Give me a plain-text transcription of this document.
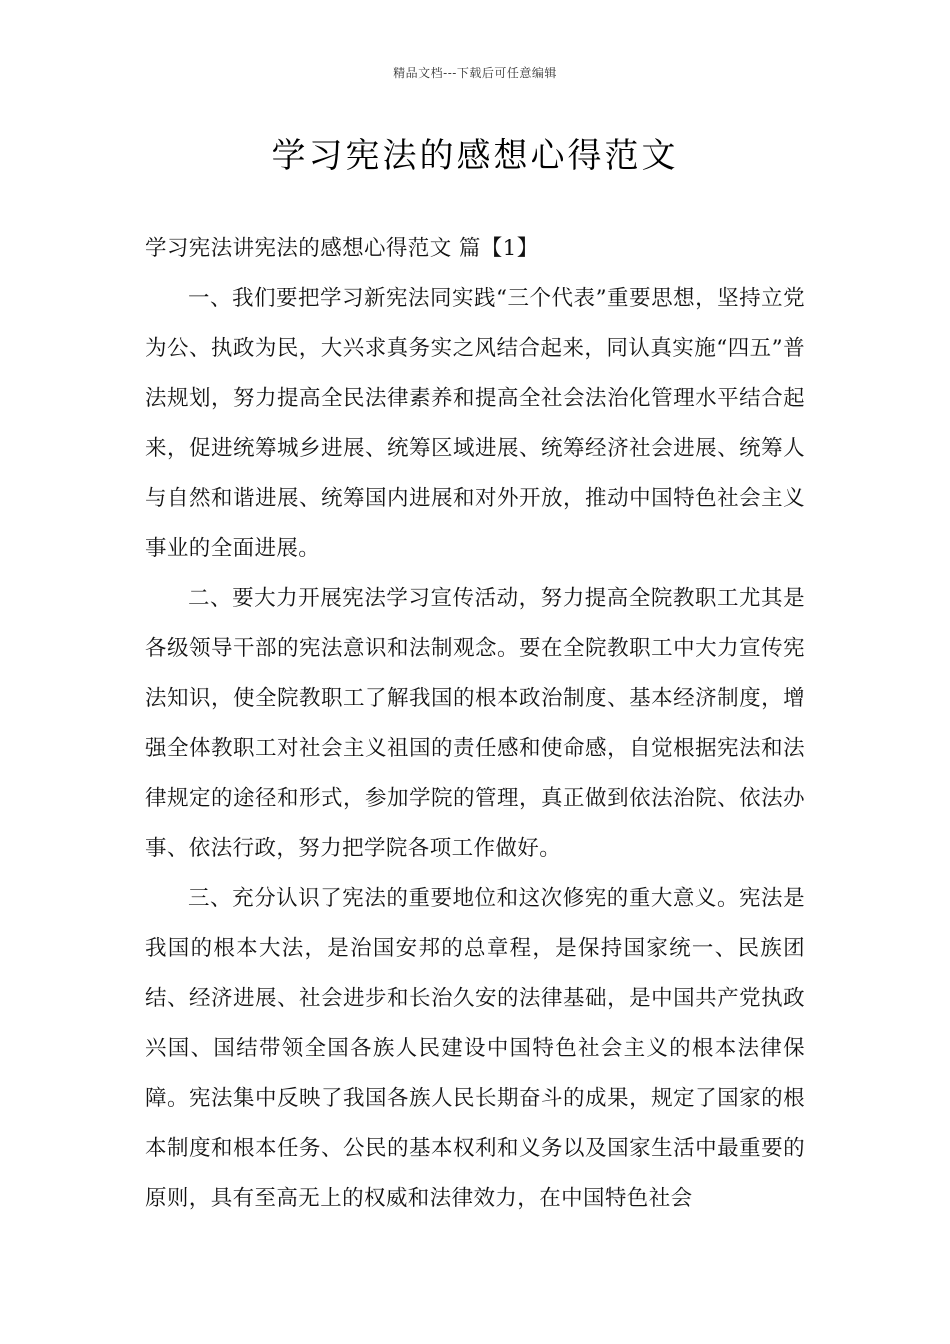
精品文档---下载后可任意编辑
学习宪法的感想心得范文

学习宪法讲宪法的感想心得范文 篇【1】

一、我们要把学习新宪法同实践“三个代表”重要思想，坚持立党为公、执政为民，大兴求真务实之风结合起来，同认真实施“四五”普法规划，努力提高全民法律素养和提高全社会法治化管理水平结合起来，促进统筹城乡进展、统筹区域进展、统筹经济社会进展、统筹人与自然和谐进展、统筹国内进展和对外开放，推动中国特色社会主义事业的全面进展。

二、要大力开展宪法学习宣传活动，努力提高全院教职工尤其是各级领导干部的宪法意识和法制观念。要在全院教职工中大力宣传宪法知识，使全院教职工了解我国的根本政治制度、基本经济制度，增强全体教职工对社会主义祖国的责任感和使命感，自觉根据宪法和法律规定的途径和形式，参加学院的管理，真正做到依法治院、依法办事、依法行政，努力把学院各项工作做好。

三、充分认识了宪法的重要地位和这次修宪的重大意义。宪法是我国的根本大法，是治国安邦的总章程，是保持国家统一、民族团结、经济进展、社会进步和长治久安的法律基础，是中国共产党执政兴国、国结带领全国各族人民建设中国特色社会主义的根本法律保障。宪法集中反映了我国各族人民长期奋斗的成果，规定了国家的根本制度和根本任务、公民的基本权利和义务以及国家生活中最重要的原则，具有至高无上的权威和法律效力，在中国特色社会
